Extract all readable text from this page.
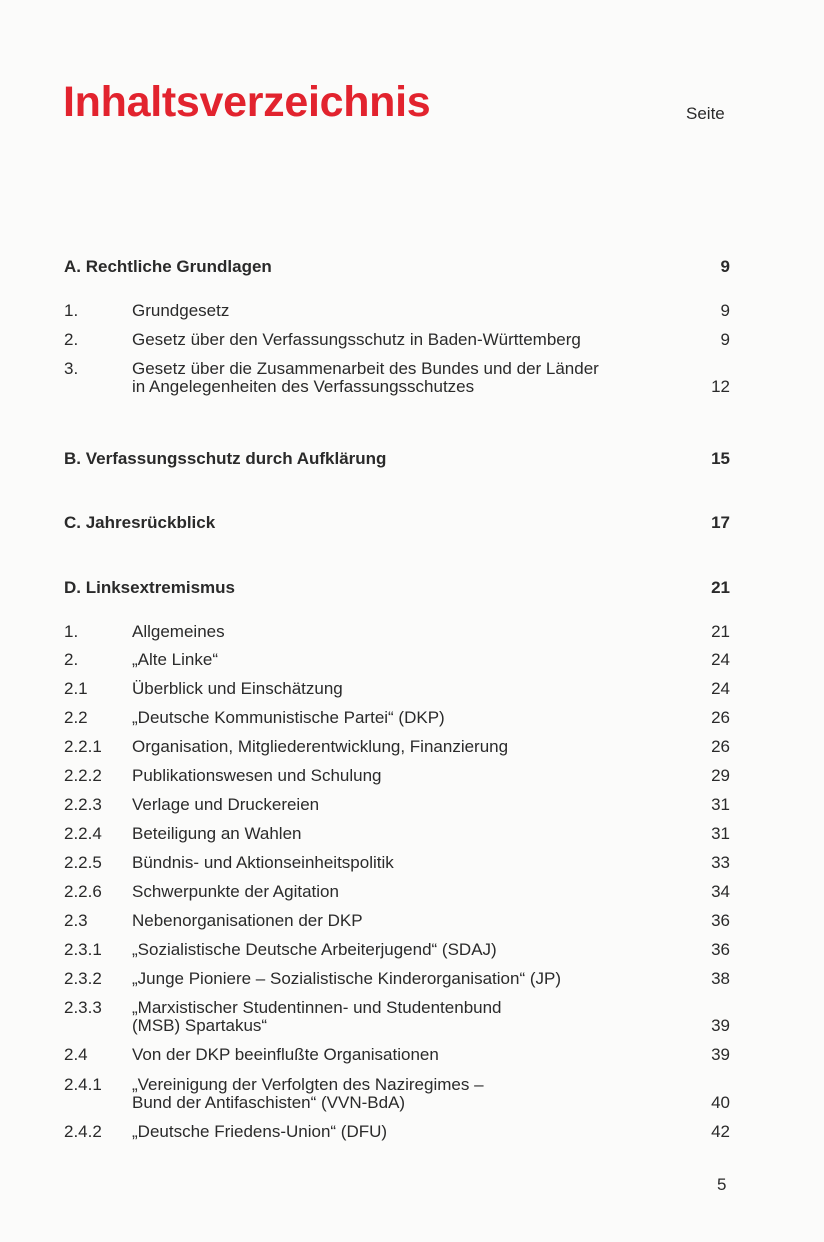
Inhaltsverzeichnis	Seite
A. Rechtliche Grundlagen	9
1.	Grundgesetz	9
2.	Gesetz über den Verfassungsschutz in Baden-Württemberg	9
3.	Gesetz über die Zusammenarbeit des Bundes und der Länder
in Angelegenheiten des Verfassungsschutzes	12
B. Verfassungsschutz durch Aufklärung	15
C. Jahresrückblick	17
D. Linksextremismus	21
1.	Allgemeines	21
2.	„Alte Linke“	24
2.1	Überblick und Einschätzung	24
2.2	„Deutsche Kommunistische Partei“ (DKP)	26
2.2.1 Organisation, Mitgliederentwicklung, Finanzierung	26
2.2.2 Publikationswesen und Schulung	29
2.2.3 Verlage und Druckereien	31
2.2.4 Beteiligung an Wahlen	31
2.2.5 Bündnis- und Aktionseinheitspolitik	33
2.2.6 Schwerpunkte der Agitation	34
2.3	Nebenorganisationen der DKP	36
2.3.1 „Sozialistische Deutsche Arbeiterjugend“ (SDAJ)	36
2.3.2 „Junge Pioniere – Sozialistische Kinderorganisation“ (JP)	38
2.3.3 „Marxistischer Studentinnen- und Studentenbund
(MSB) Spartakus“	39
2.4	Von der DKP beeinflußte Organisationen	39
2.4.1 „Vereinigung der Verfolgten des Naziregimes –
Bund der Antifaschisten“ (VVN-BdA)	40
2.4.2 „Deutsche Friedens-Union“ (DFU)	42
5
